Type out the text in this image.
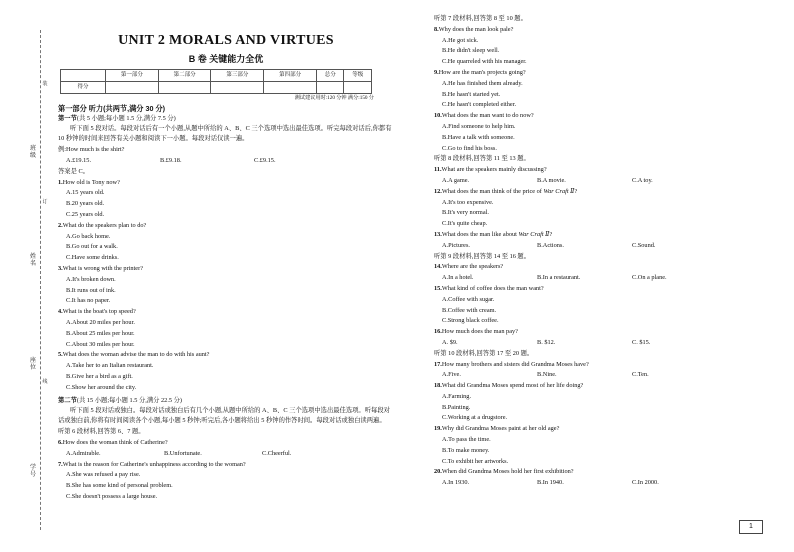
班级
姓名
座位
学号
装
订
线
UNIT 2 MORALS AND VIRTUES
B 卷 关键能力全优
	第一部分	第二部分	第三部分	第四部分	总分	等级
得分						
测试建议用时:120 分钟 满分:150 分
第一部分 听力(共两节,满分 30 分)
第一节(共 5 小题;每小题 1.5 分,满分 7.5 分)
听下面 5 段对话。每段对话后有一个小题,从题中所给的 A、B、C 三个选项中选出最佳选项。听完每段对话后,你都有 10 秒钟的时间来回答有关小题和阅读下一小题。每段对话仅读一遍。
例:How much is the shirt?
A.£19.15.	B.£9.18.	C.£9.15.
答案是 C。
1.How old is Tony now?
A.15 years old.
B.20 years old.
C.25 years old.
2.What do the speakers plan to do?
A.Go back home.
B.Go out for a walk.
C.Have some drinks.
3.What is wrong with the printer?
A.It's broken down.
B.It runs out of ink.
C.It has no paper.
4.What is the boat's top speed?
A.About 20 miles per hour.
B.About 25 miles per hour.
C.About 30 miles per hour.
5.What does the woman advise the man to do with his aunt?
A.Take her to an Italian restaurant.
B.Give her a bird as a gift.
C.Show her around the city.
第二节(共 15 小题;每小题 1.5 分,满分 22.5 分)
听下面 5 段对话或独白。每段对话或独白后有几个小题,从题中所给的 A、B、C 三个选项中选出最佳选项。听每段对话或独白前,你将有时间阅读各个小题,每小题 5 秒钟;听完后,各小题将给出 5 秒钟的作答时间。每段对话或独白读两遍。
听第 6 段材料,回答第 6、7 题。
6.How does the woman think of Catherine?
A.Admirable.	B.Unfortunate.	C.Cheerful.
7.What is the reason for Catherine's unhappiness according to the woman?
A.She was refused a pay rise.
B.She has some kind of personal problem.
C.She doesn't possess a large house.
听第 7 段材料,回答第 8 至 10 题。
8.Why does the man look pale?
A.He got sick.
B.He didn't sleep well.
C.He quarreled with his manager.
9.How are the man's projects going?
A.He has finished them already.
B.He hasn't started yet.
C.He hasn't completed either.
10.What does the man want to do now?
A.Find someone to help him.
B.Have a talk with someone.
C.Go to find his boss.
听第 8 段材料,回答第 11 至 13 题。
11.What are the speakers mainly discussing?
A.A game.	B.A movie.	C.A toy.
12.What does the man think of the price of War Craft Ⅱ?
A.It's too expensive.
B.It's very normal.
C.It's quite cheap.
13.What does the man like about War Craft Ⅱ?
A.Pictures.	B.Actions.	C.Sound.
听第 9 段材料,回答第 14 至 16 题。
14.Where are the speakers?
A.In a hotel.	B.In a restaurant.	C.On a plane.
15.What kind of coffee does the man want?
A.Coffee with sugar.
B.Coffee with cream.
C.Strong black coffee.
16.How much does the man pay?
A. $9.	B. $12.	C. $15.
听第 10 段材料,回答第 17 至 20 题。
17.How many brothers and sisters did Grandma Moses have?
A.Five.	B.Nine.	C.Ten.
18.What did Grandma Moses spend most of her life doing?
A.Farming.
B.Painting.
C.Working at a drugstore.
19.Why did Grandma Moses paint at her old age?
A.To pass the time.
B.To make money.
C.To exhibit her artworks.
20.When did Grandma Moses hold her first exhibition?
A.In 1930.	B.In 1940.	C.In 2000.
1
